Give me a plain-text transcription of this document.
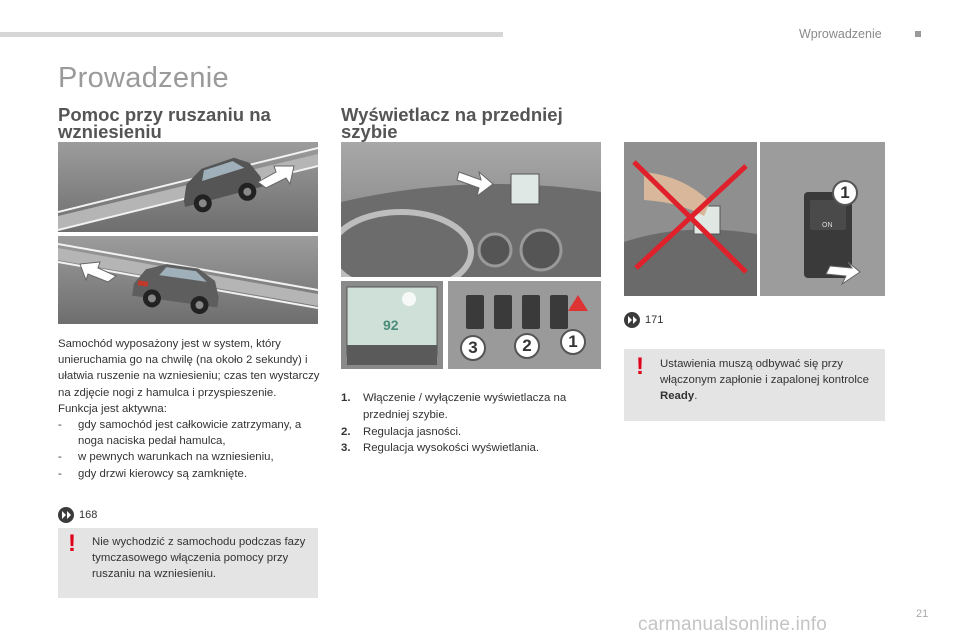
Wprowadzenie
Prowadzenie
Pomoc przy ruszaniu na
wzniesieniu
Wyświetlacz na przedniej
szybie
92
3	2	1
1
ON

Samochód wyposażony jest w system, który unieruchamia go na chwilę (na około 2 sekundy) i ułatwia ruszenie na wzniesieniu; czas ten wystarczy na zdjęcie nogi z hamulca i przyspieszenie.

Funkcja jest aktywna:

- gdy samochód jest całkowicie zatrzymany, a noga naciska pedał hamulca,

- w pewnych warunkach na wzniesieniu,

- gdy drzwi kierowcy są zamknięte.

168
! Nie wychodzić z samochodu podczas fazy tymczasowego włączenia pomocy przy ruszaniu na wzniesieniu.
1. Włączenie / wyłączenie wyświetlacza na przedniej szybie.
2. Regulacja jasności.
3. Regulacja wysokości wyświetlania.
171
! Ustawienia muszą odbywać się przy włączonym zapłonie i zapalonej kontrolce Ready.
21
carmanualsonline.info
